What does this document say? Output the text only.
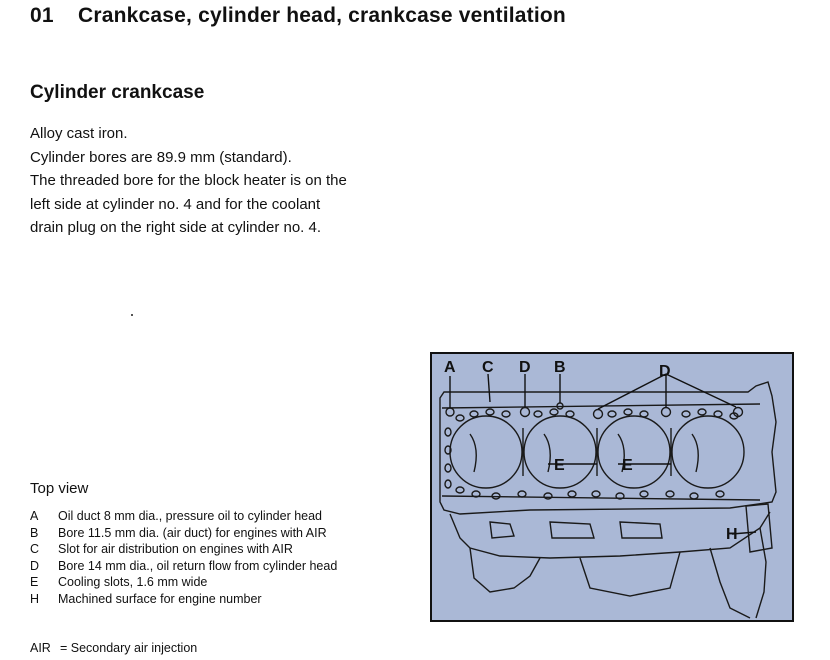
01 Crankcase, cylinder head, crankcase ventilation
Cylinder crankcase
Alloy cast iron.
Cylinder bores are 89.9 mm (standard).
The threaded bore for the block heater is on the
left side at cylinder no. 4 and for the coolant
drain plug on the right side at cylinder no. 4.
Top view
A	Oil duct 8 mm dia., pressure oil to cylinder head
B	Bore 11.5 mm dia. (air duct) for engines with AIR
C	Slot for air distribution on engines with AIR
D	Bore 14 mm dia., oil return flow from cylinder head
E	Cooling slots, 1.6 mm wide
H	Machined surface for engine number
AIR = Secondary air injection
A C D B	D
E	E
H
